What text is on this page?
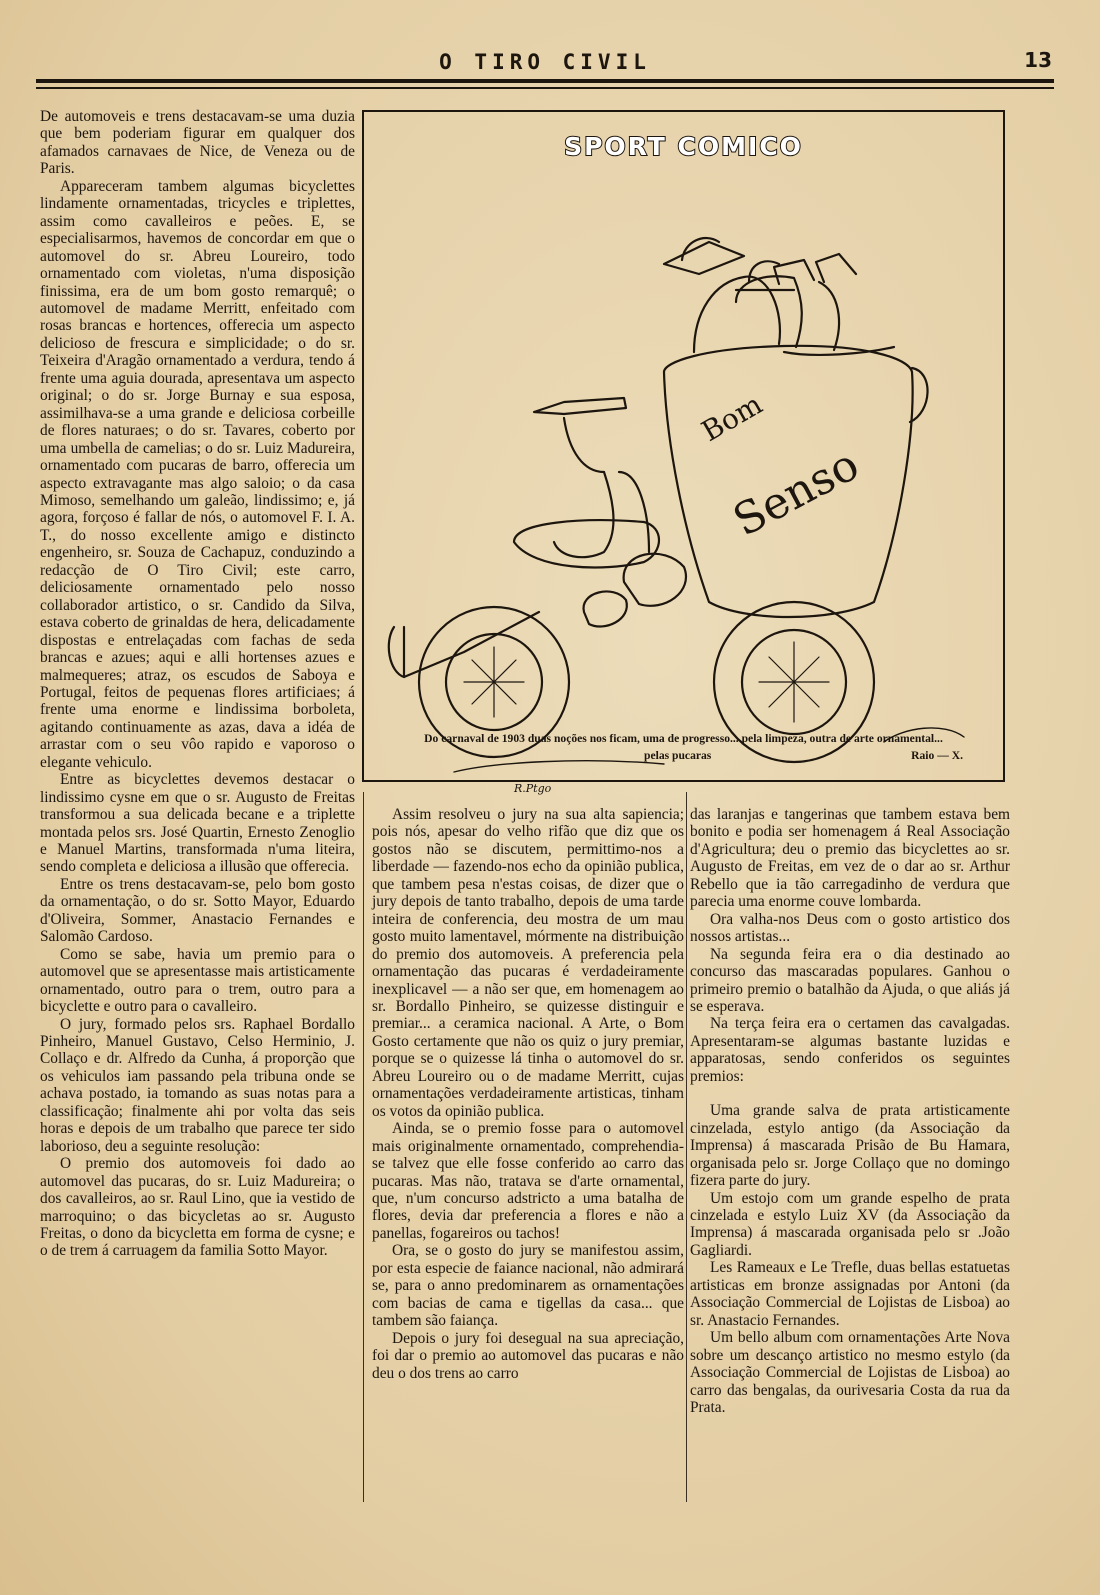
O TIRO CIVIL	13

De automoveis e trens destacavam-se uma duzia que bem poderiam figurar em qualquer dos afamados carnavaes de Nice, de Veneza ou de Paris.

Appareceram tambem algumas bicyclettes lindamente ornamentadas, tricycles e triplettes, assim como cavalleiros e peões. E, se especialisarmos, havemos de concordar em que o automovel do sr. Abreu Loureiro, todo ornamentado com violetas, n'uma disposição finissima, era de um bom gosto remarquê; o automovel de madame Merritt, enfeitado com rosas brancas e hortences, offerecia um aspecto delicioso de frescura e simplicidade; o do sr. Teixeira d'Aragão ornamentado a verdura, tendo á frente uma aguia dourada, apresentava um aspecto original; o do sr. Jorge Burnay e sua esposa, assimilhava-se a uma grande e deliciosa corbeille de flores naturaes; o do sr. Tavares, coberto por uma umbella de camelias; o do sr. Luiz Madureira, ornamentado com pucaras de barro, offerecia um aspecto extravagante mas algo saloio; o da casa Mimoso, semelhando um galeão, lindissimo; e, já agora, forçoso é fallar de nós, o automovel F. I. A. T., do nosso excellente amigo e distincto engenheiro, sr. Souza de Cachapuz, conduzindo a redacção de O Tiro Civil; este carro, deliciosamente ornamentado pelo nosso collaborador artistico, o sr. Candido da Silva, estava coberto de grinaldas de hera, delicadamente dispostas e entrelaçadas com fachas de seda brancas e azues; aqui e alli hortenses azues e malmequeres; atraz, os escudos de Saboya e Portugal, feitos de pequenas flores artificiaes; á frente uma enorme e lindissima borboleta, agitando continuamente as azas, dava a idéa de arrastar com o seu vôo rapido e vaporoso o elegante vehiculo.

Entre as bicyclettes devemos destacar o lindissimo cysne em que o sr. Augusto de Freitas transformou a sua delicada becane e a triplette montada pelos srs. José Quartin, Ernesto Zenoglio e Manuel Martins, transformada n'uma liteira, sendo completa e deliciosa a illusão que offerecia.

Entre os trens destacavam-se, pelo bom gosto da ornamentação, o do sr. Sotto Mayor, Eduardo d'Oliveira, Sommer, Anastacio Fernandes e Salomão Cardoso.

Como se sabe, havia um premio para o automovel que se apresentasse mais artisticamente ornamentado, outro para o trem, outro para a bicyclette e outro para o cavalleiro.

O jury, formado pelos srs. Raphael Bordallo Pinheiro, Manuel Gustavo, Celso Herminio, J. Collaço e dr. Alfredo da Cunha, á proporção que os vehiculos iam passando pela tribuna onde se achava postado, ia tomando as suas notas para a classificação; finalmente ahi por volta das seis horas e depois de um trabalho que parece ter sido laborioso, deu a seguinte resolução:

O premio dos automoveis foi dado ao automovel das pucaras, do sr. Luiz Madureira; o dos cavalleiros, ao sr. Raul Lino, que ia vestido de marroquino; o das bicycletas ao sr. Augusto Freitas, o dono da bicycletta em forma de cysne; e o de trem á carruagem da familia Sotto Mayor.

SPORT COMICO
Bom
Senso
R.Ptgo
Do carnaval de 1903 duas noções nos ficam, uma de progresso... pela limpeza, outra de arte ornamental...
pelas pucaras	Raio — X.

Assim resolveu o jury na sua alta sapiencia; pois nós, apesar do velho rifão que diz que os gostos não se discutem, permittimo-nos a liberdade — fazendo-nos echo da opinião publica, que tambem pesa n'estas coisas, de dizer que o jury depois de tanto trabalho, depois de uma tarde inteira de conferencia, deu mostra de um mau gosto muito lamentavel, mórmente na distribuição do premio dos automoveis. A preferencia pela ornamentação das pucaras é verdadeiramente inexplicavel — a não ser que, em homenagem ao sr. Bordallo Pinheiro, se quizesse distinguir e premiar... a ceramica nacional. A Arte, o Bom Gosto certamente que não os quiz o jury premiar, porque se o quizesse lá tinha o automovel do sr. Abreu Loureiro ou o de madame Merritt, cujas ornamentações verdadeiramente artisticas, tinham os votos da opinião publica.

Ainda, se o premio fosse para o automovel mais originalmente ornamentado, comprehendia-se talvez que elle fosse conferido ao carro das pucaras. Mas não, tratava se d'arte ornamental, que, n'um concurso adstricto a uma batalha de flores, devia dar preferencia a flores e não a panellas, fogareiros ou tachos!

Ora, se o gosto do jury se manifestou assim, por esta especie de faiance nacional, não admirará se, para o anno predominarem as ornamentações com bacias de cama e tigellas da casa... que tambem são faiança.

Depois o jury foi desegual na sua apreciação, foi dar o premio ao automovel das pucaras e não deu o dos trens ao carro

das laranjas e tangerinas que tambem estava bem bonito e podia ser homenagem á Real Associação d'Agricultura; deu o premio das bicyclettes ao sr. Augusto de Freitas, em vez de o dar ao sr. Arthur Rebello que ia tão carregadinho de verdura que parecia uma enorme couve lombarda.

Ora valha-nos Deus com o gosto artistico dos nossos artistas...

Na segunda feira era o dia destinado ao concurso das mascaradas populares. Ganhou o primeiro premio o batalhão da Ajuda, o que aliás já se esperava.

Na terça feira era o certamen das cavalgadas. Apresentaram-se algumas bastante luzidas e apparatosas, sendo conferidos os seguintes premios:

Uma grande salva de prata artisticamente cinzelada, estylo antigo (da Associação da Imprensa) á mascarada Prisão de Bu Hamara, organisada pelo sr. Jorge Collaço que no domingo fizera parte do jury.

Um estojo com um grande espelho de prata cinzelada e estylo Luiz XV (da Associação da Imprensa) á mascarada organisada pelo sr .João Gagliardi.

Les Rameaux e Le Trefle, duas bellas estatuetas artisticas em bronze assignadas por Antoni (da Associação Commercial de Lojistas de Lisboa) ao sr. Anastacio Fernandes.

Um bello album com ornamentações Arte Nova sobre um descanço artistico no mesmo estylo (da Associação Commercial de Lojistas de Lisboa) ao carro das bengalas, da ourivesaria Costa da rua da Prata.
